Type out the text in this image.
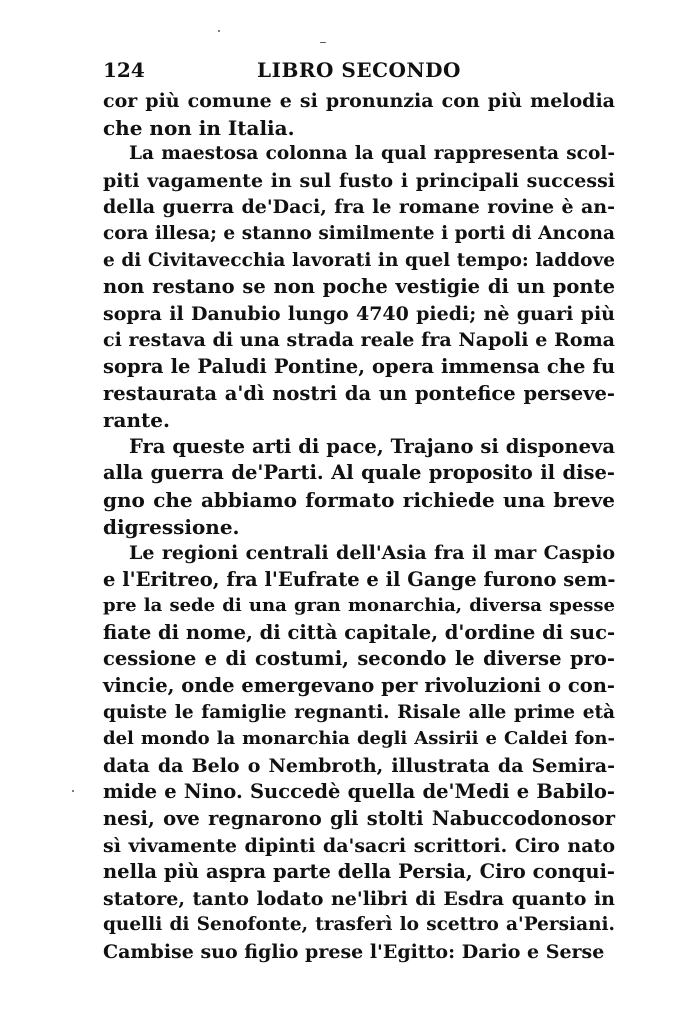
124	LIBRO SECONDO
cor più comune e si pronunzia con più melodia
che non in Italia.
La maestosa colonna la qual rappresenta scol-
piti vagamente in sul fusto i principali successi
della guerra de'Daci, fra le romane rovine è an-
cora illesa; e stanno similmente i porti di Ancona
e di Civitavecchia lavorati in quel tempo: laddove
non restano se non poche vestigie di un ponte
sopra il Danubio lungo 4740 piedi; nè guari più
ci restava di una strada reale fra Napoli e Roma
sopra le Paludi Pontine, opera immensa che fu
restaurata a'dì nostri da un pontefice perseve-
rante.
Fra queste arti di pace, Trajano si disponeva
alla guerra de'Parti. Al quale proposito il dise-
gno che abbiamo formato richiede una breve
digressione.
Le regioni centrali dell'Asia fra il mar Caspio
e l'Eritreo, fra l'Eufrate e il Gange furono sem-
pre la sede di una gran monarchia, diversa spesse
fiate di nome, di città capitale, d'ordine di suc-
cessione e di costumi, secondo le diverse pro-
vincie, onde emergevano per rivoluzioni o con-
quiste le famiglie regnanti. Risale alle prime età
del mondo la monarchia degli Assirii e Caldei fon-
data da Belo o Nembroth, illustrata da Semira-
mide e Nino. Succedè quella de'Medi e Babilo-
nesi, ove regnarono gli stolti Nabuccodonosor
sì vivamente dipinti da'sacri scrittori. Ciro nato
nella più aspra parte della Persia, Ciro conqui-
statore, tanto lodato ne'libri di Esdra quanto in
quelli di Senofonte, trasferì lo scettro a'Persiani.
Cambise suo figlio prese l'Egitto: Dario e Serse
